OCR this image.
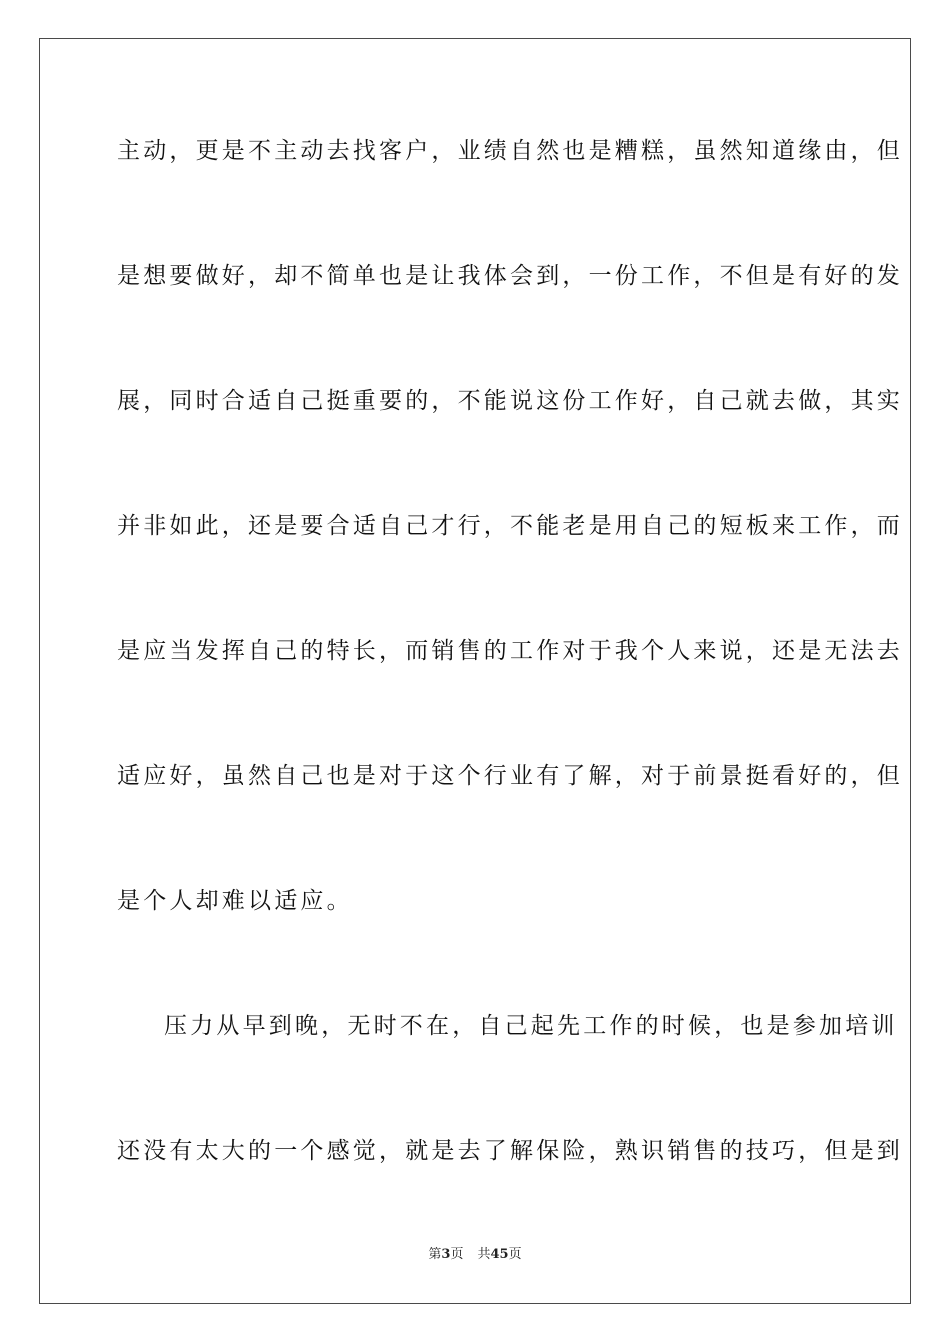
主动，更是不主动去找客户，业绩自然也是糟糕，虽然知道缘由，但
是想要做好，却不简单也是让我体会到，一份工作，不但是有好的发
展，同时合适自己挺重要的，不能说这份工作好，自己就去做，其实
并非如此，还是要合适自己才行，不能老是用自己的短板来工作，而
是应当发挥自己的特长，而销售的工作对于我个人来说，还是无法去
适应好，虽然自己也是对于这个行业有了解，对于前景挺看好的，但
是个人却难以适应。
压力从早到晚，无时不在，自己起先工作的时候，也是参加培训
还没有太大的一个感觉，就是去了解保险，熟识销售的技巧，但是到
第3页 共45页
